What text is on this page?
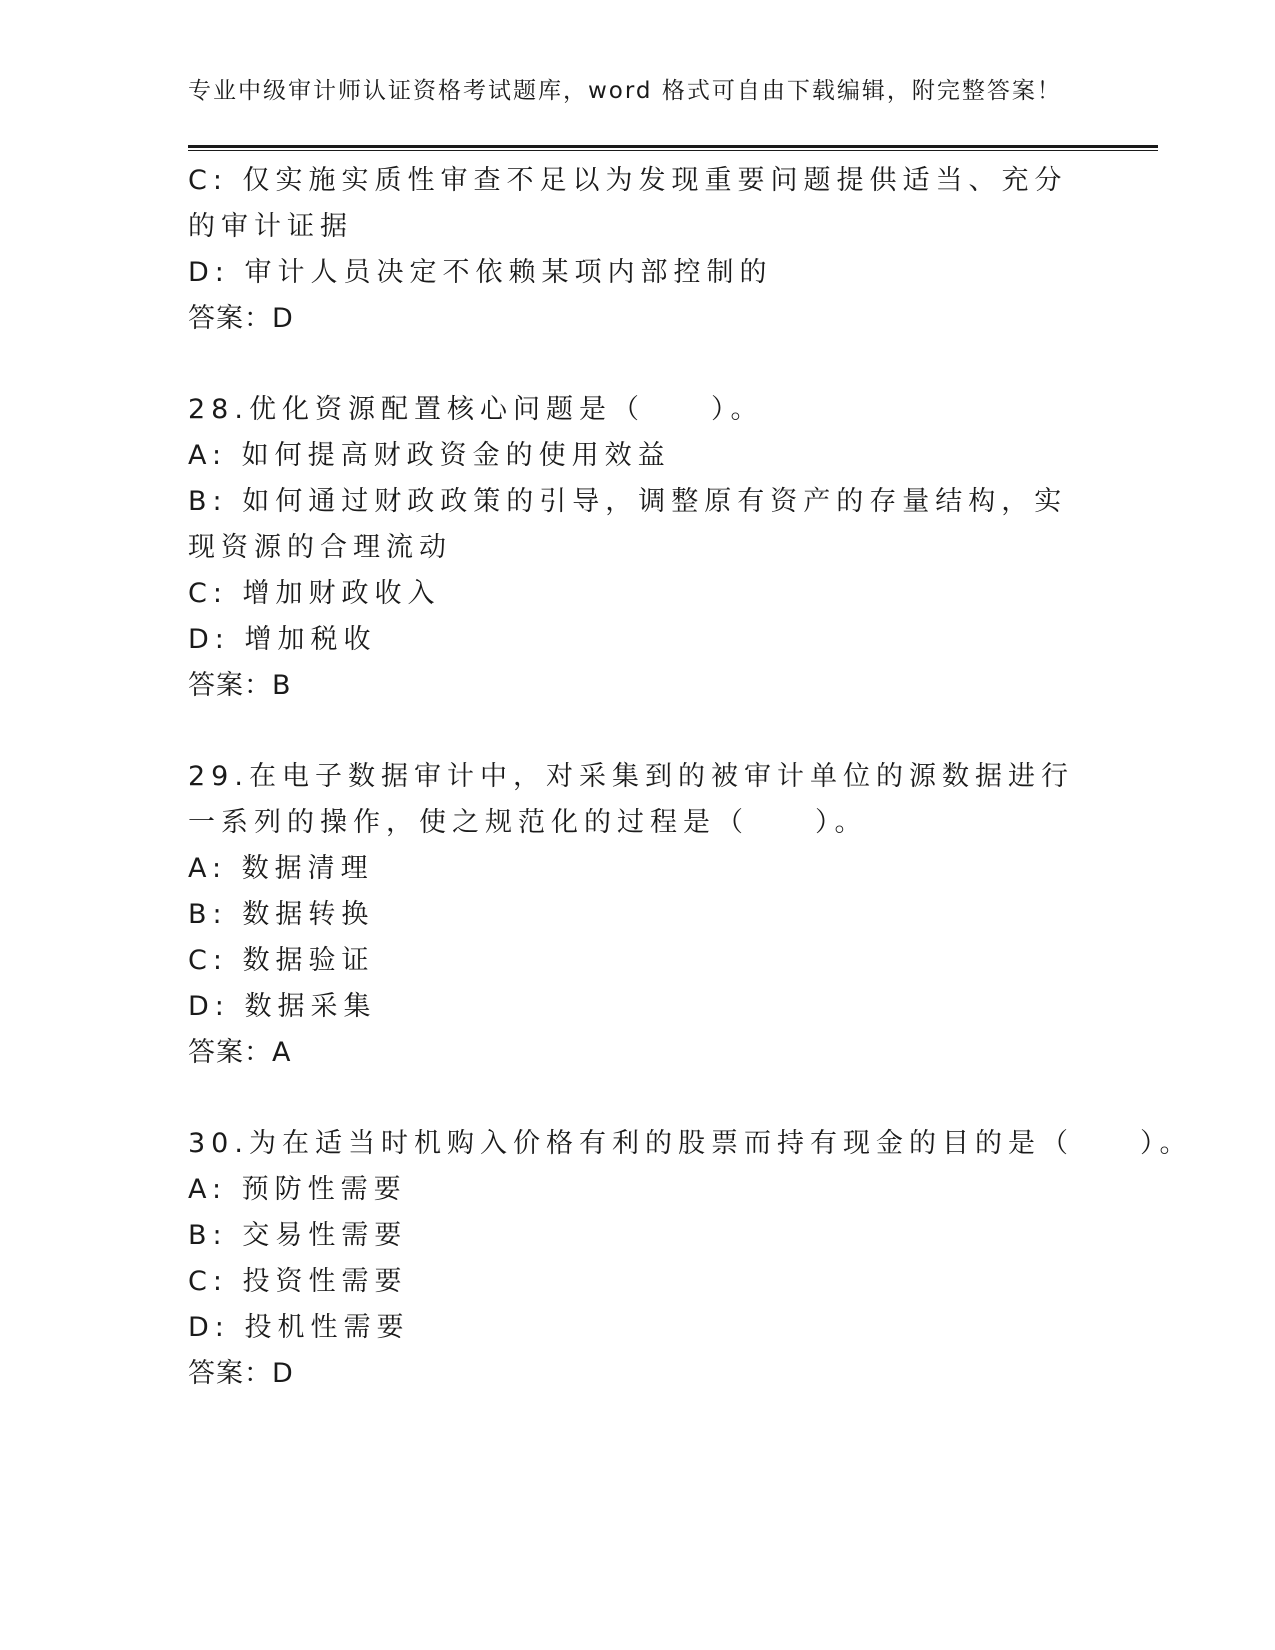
专业中级审计师认证资格考试题库，word 格式可自由下载编辑，附完整答案！
C: 仅实施实质性审查不足以为发现重要问题提供适当、充分的审计证据
D: 审计人员决定不依赖某项内部控制的
答案：D
28.优化资源配置核心问题是（　　）。
A: 如何提高财政资金的使用效益
B: 如何通过财政政策的引导，调整原有资产的存量结构，实现资源的合理流动
C: 增加财政收入
D: 增加税收
答案：B
29.在电子数据审计中，对采集到的被审计单位的源数据进行一系列的操作，使之规范化的过程是（　　）。
A: 数据清理
B: 数据转换
C: 数据验证
D: 数据采集
答案：A
30.为在适当时机购入价格有利的股票而持有现金的目的是（　　）。
A: 预防性需要
B: 交易性需要
C: 投资性需要
D: 投机性需要
答案：D
